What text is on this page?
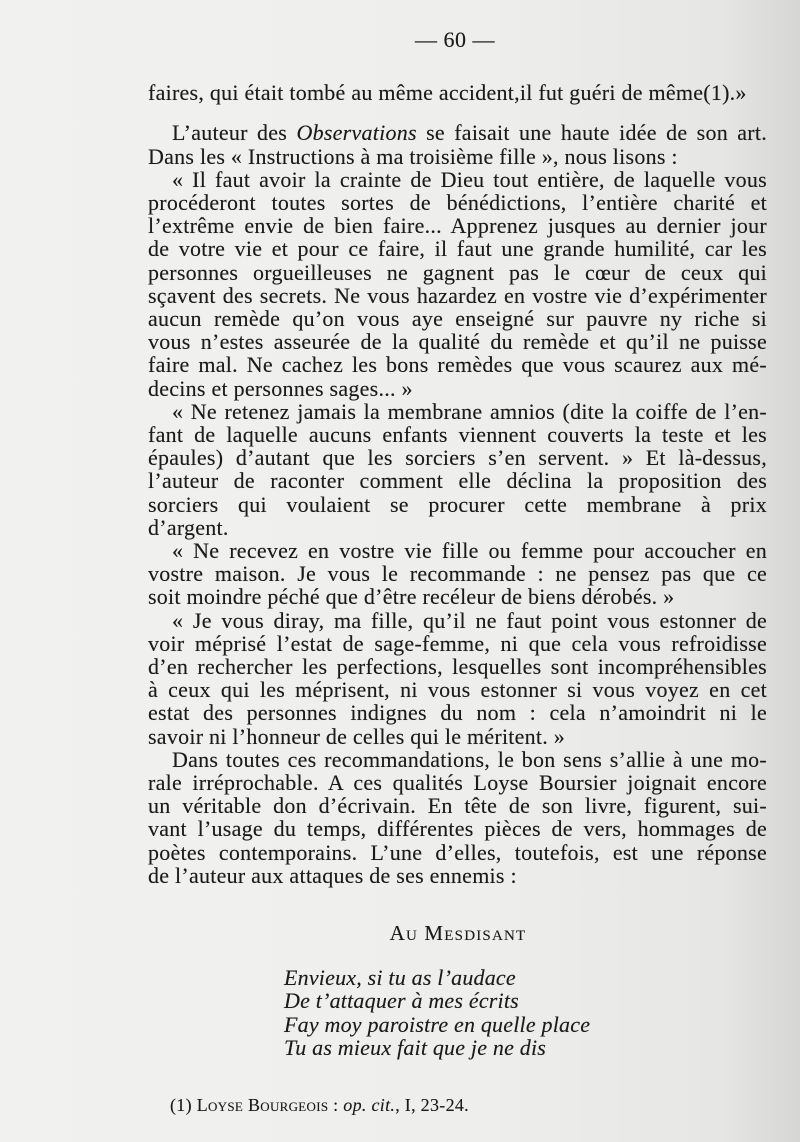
— 60 —
faires, qui était tombé au même accident,il fut guéri de même(1).»
L’auteur des Observations se faisait une haute idée de son art.
Dans les « Instructions à ma troisième fille », nous lisons :
« Il faut avoir la crainte de Dieu tout entière, de laquelle vous
procéderont toutes sortes de bénédictions, l’entière charité et
l’extrême envie de bien faire... Apprenez jusques au dernier jour
de votre vie et pour ce faire, il faut une grande humilité, car les
personnes orgueilleuses ne gagnent pas le cœur de ceux qui
sçavent des secrets. Ne vous hazardez en vostre vie d’expérimenter
aucun remède qu’on vous aye enseigné sur pauvre ny riche si
vous n’estes asseurée de la qualité du remède et qu’il ne puisse
faire mal. Ne cachez les bons remèdes que vous scaurez aux mé-
decins et personnes sages... »
« Ne retenez jamais la membrane amnios (dite la coiffe de l’en-
fant de laquelle aucuns enfants viennent couverts la teste et les
épaules) d’autant que les sorciers s’en servent. » Et là-dessus,
l’auteur de raconter comment elle déclina la proposition des
sorciers qui voulaient se procurer cette membrane à prix
d’argent.
« Ne recevez en vostre vie fille ou femme pour accoucher en
vostre maison. Je vous le recommande : ne pensez pas que ce
soit moindre péché que d’être recéleur de biens dérobés. »
« Je vous diray, ma fille, qu’il ne faut point vous estonner de
voir méprisé l’estat de sage-femme, ni que cela vous refroidisse
d’en rechercher les perfections, lesquelles sont incompréhensibles
à ceux qui les méprisent, ni vous estonner si vous voyez en cet
estat des personnes indignes du nom : cela n’amoindrit ni le
savoir ni l’honneur de celles qui le méritent. »
Dans toutes ces recommandations, le bon sens s’allie à une mo-
rale irréprochable. A ces qualités Loyse Boursier joignait encore
un véritable don d’écrivain. En tête de son livre, figurent, sui-
vant l’usage du temps, différentes pièces de vers, hommages de
poètes contemporains. L’une d’elles, toutefois, est une réponse
de l’auteur aux attaques de ses ennemis :
Au Mesdisant
Envieux, si tu as l’audace
De t’attaquer à mes écrits
Fay moy paroistre en quelle place
Tu as mieux fait que je ne dis
(1) Loyse Bourgeois : op. cit., I, 23-24.
